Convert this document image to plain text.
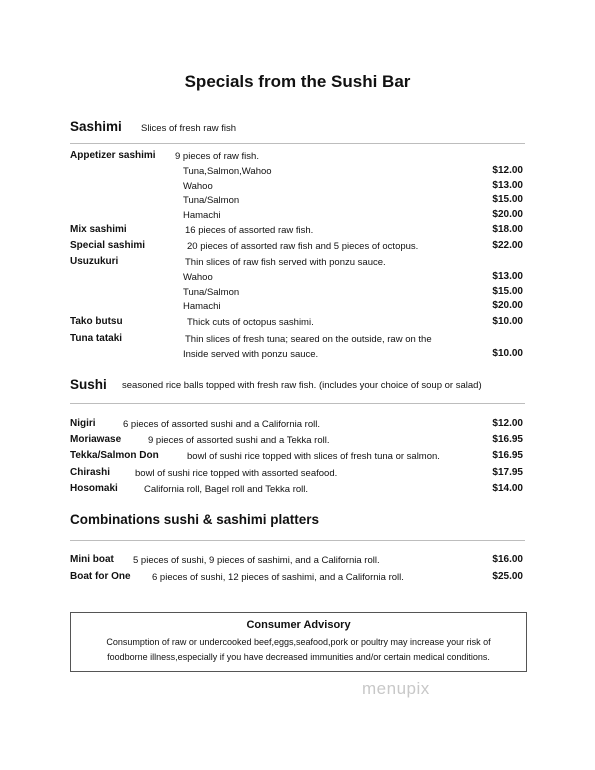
Specials from the Sushi Bar
Sashimi Slices of fresh raw fish
Appetizer sashimi 9 pieces of raw fish.
Tuna,Salmon,Wahoo	$12.00
Wahoo	$13.00
Tuna/Salmon	$15.00
Hamachi	$20.00
Mix sashimi	16 pieces of assorted raw fish.	$18.00
Special sashimi	20 pieces of assorted raw fish and 5 pieces of octopus.	$22.00
Usuzukuri	Thin slices of raw fish served with ponzu sauce.
Wahoo	$13.00
Tuna/Salmon	$15.00
Hamachi	$20.00
Tako butsu	Thick cuts of octopus sashimi.	$10.00
Tuna tataki	Thin slices of fresh tuna; seared on the outside, raw on the
Inside served with ponzu sauce.	$10.00
Sushi seasoned rice balls topped with fresh raw fish. (includes your choice of soup or salad)
Nigiri	6 pieces of assorted sushi and a California roll.	$12.00
Moriawase	9 pieces of assorted sushi and a Tekka roll.	$16.95
Tekka/Salmon Don	bowl of sushi rice topped with slices of fresh tuna or salmon.	$16.95
Chirashi	bowl of sushi rice topped with assorted seafood.	$17.95
Hosomaki	California roll, Bagel roll and Tekka roll.	$14.00
Combinations sushi & sashimi platters
Mini boat 5 pieces of sushi, 9 pieces of sashimi, and a California roll.	$16.00
Boat for One 6 pieces of sushi, 12 pieces of sashimi, and a California roll.	$25.00
Consumer Advisory
Consumption of raw or undercooked beef,eggs,seafood,pork or poultry may increase your risk of
foodborne illness,especially if you have decreased immunities and/or certain medical conditions.
menupix
